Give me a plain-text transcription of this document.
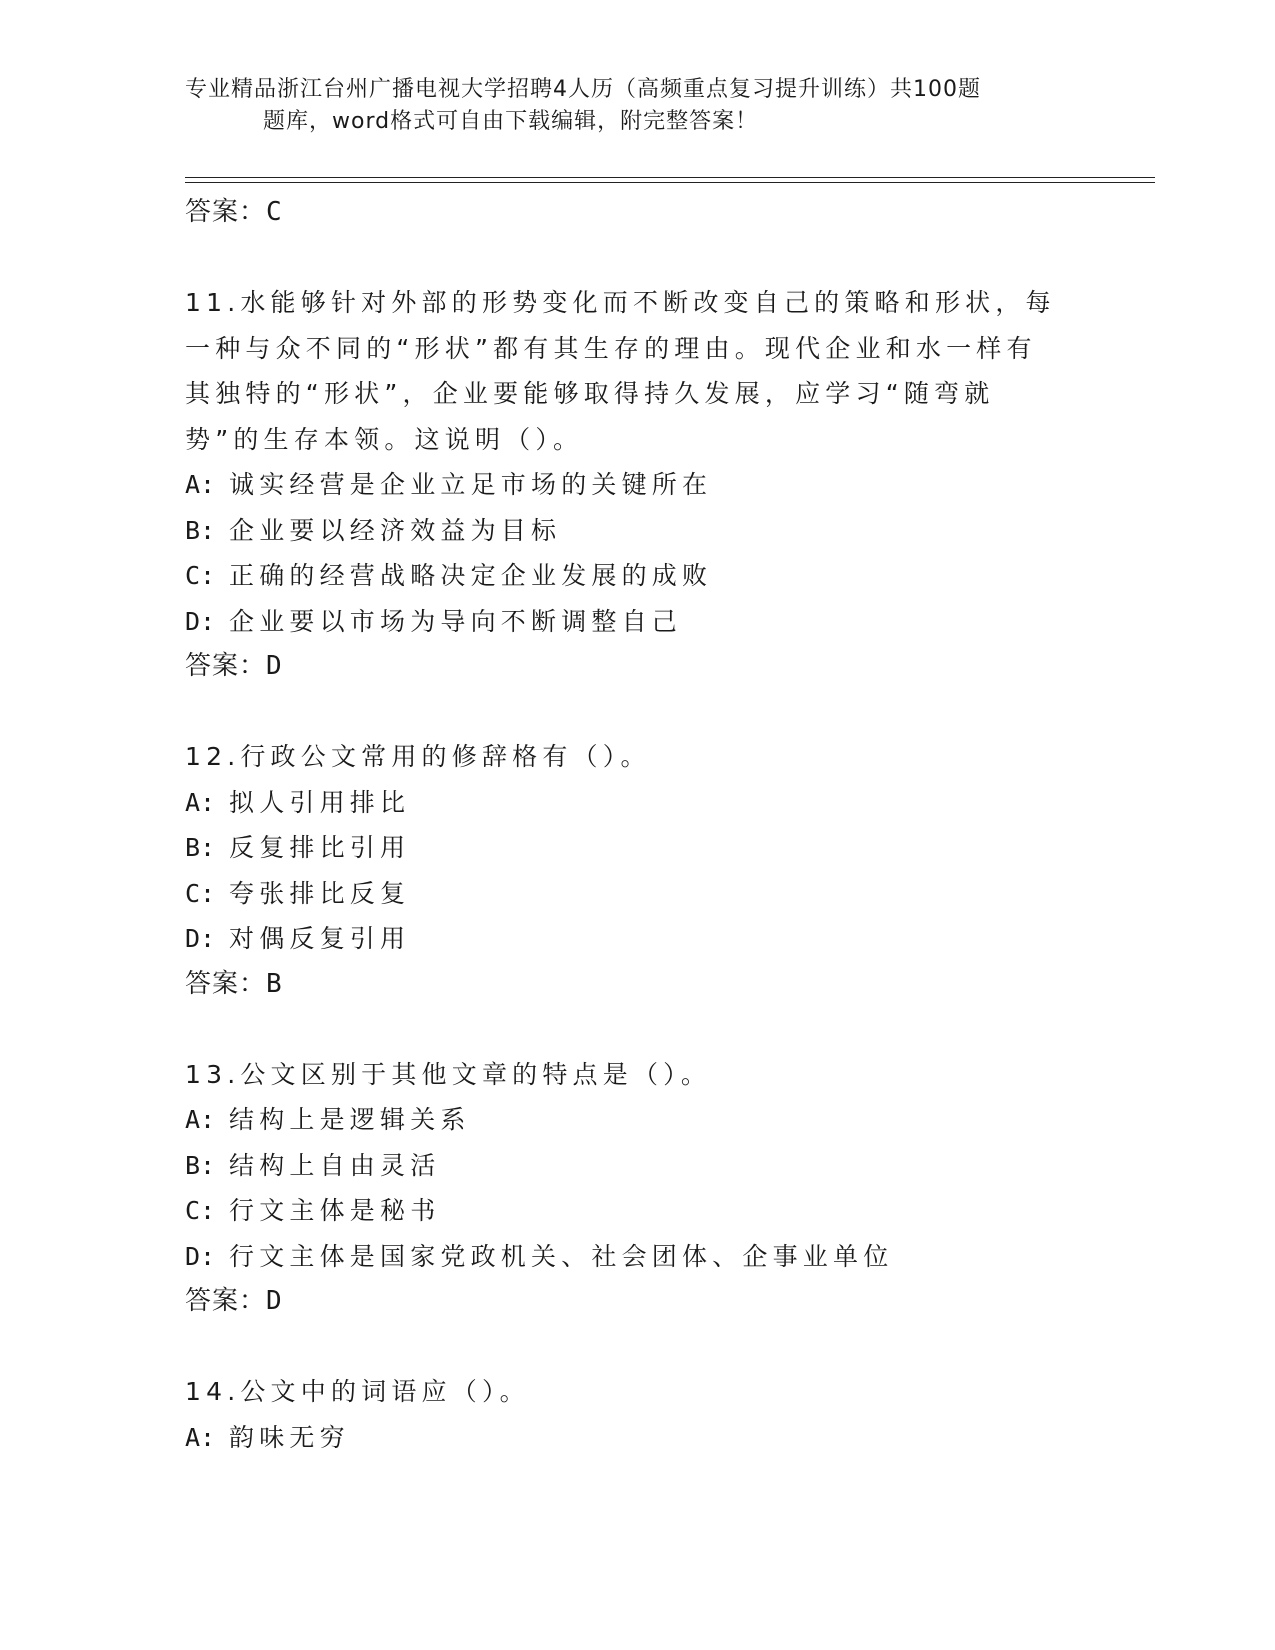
专业精品浙江台州广播电视大学招聘4人历（高频重点复习提升训练）共100题
题库，word格式可自由下载编辑，附完整答案！
答案：C
11.水能够针对外部的形势变化而不断改变自己的策略和形状，每一种与众不同的“形状”都有其生存的理由。现代企业和水一样有其独特的“形状”，企业要能够取得持久发展，应学习“随弯就势”的生存本领。这说明（）。
A: 诚实经营是企业立足市场的关键所在
B: 企业要以经济效益为目标
C: 正确的经营战略决定企业发展的成败
D: 企业要以市场为导向不断调整自己
答案：D
12.行政公文常用的修辞格有（）。
A: 拟人引用排比
B: 反复排比引用
C: 夸张排比反复
D: 对偶反复引用
答案：B
13.公文区别于其他文章的特点是（）。
A: 结构上是逻辑关系
B: 结构上自由灵活
C: 行文主体是秘书
D: 行文主体是国家党政机关、社会团体、企事业单位
答案：D
14.公文中的词语应（）。
A: 韵味无穷
